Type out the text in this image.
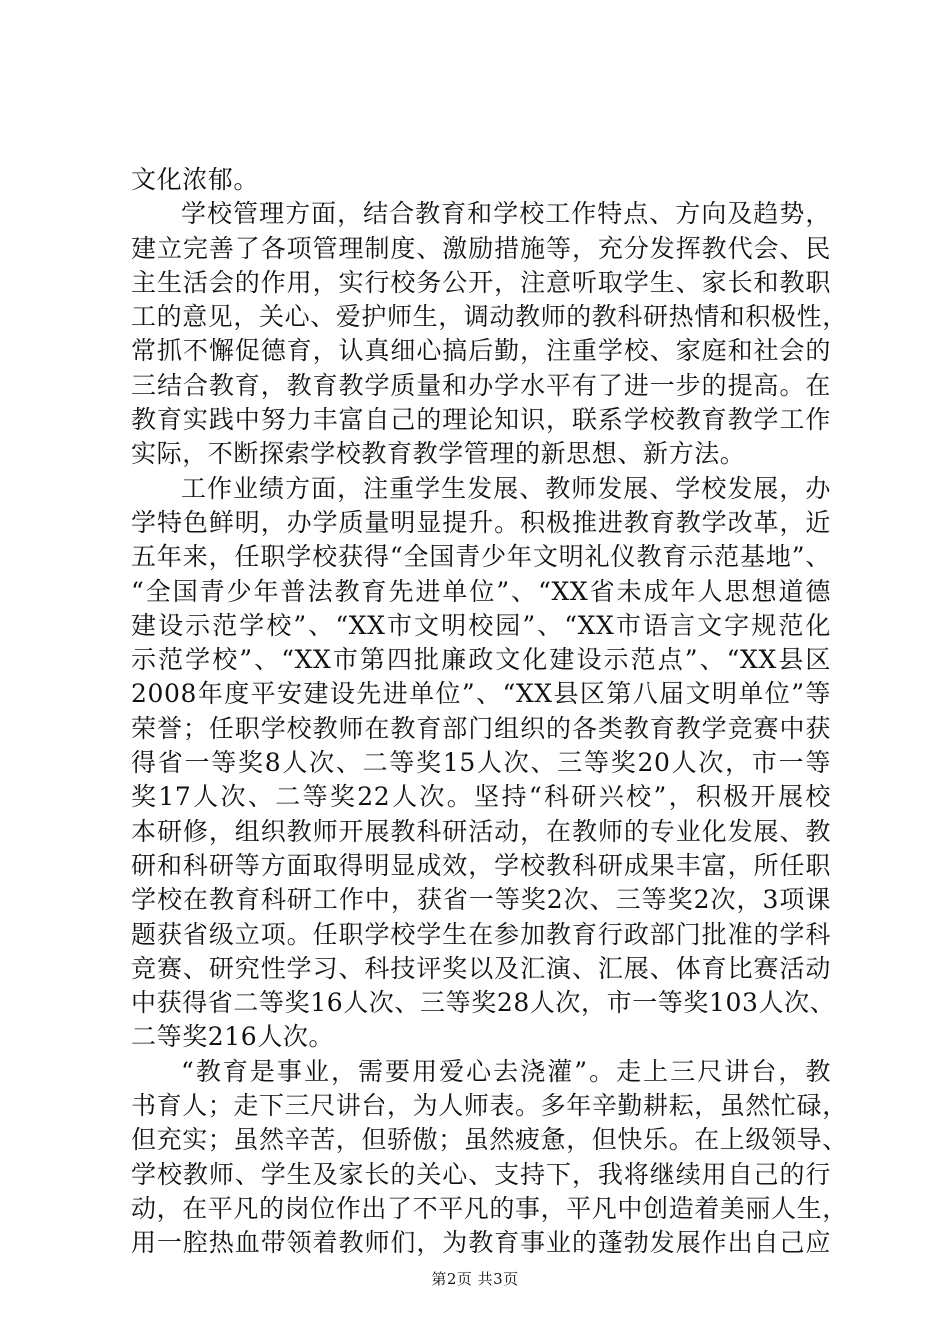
文化浓郁。
学校管理方面，结合教育和学校工作特点、方向及趋势，
建立完善了各项管理制度、激励措施等，充分发挥教代会、民
主生活会的作用，实行校务公开，注意听取学生、家长和教职
工的意见，关心、爱护师生，调动教师的教科研热情和积极性，
常抓不懈促德育，认真细心搞后勤，注重学校、家庭和社会的
三结合教育，教育教学质量和办学水平有了进一步的提高。在
教育实践中努力丰富自己的理论知识，联系学校教育教学工作
实际，不断探索学校教育教学管理的新思想、新方法。
工作业绩方面，注重学生发展、教师发展、学校发展，办
学特色鲜明，办学质量明显提升。积极推进教育教学改革，近
五年来，任职学校获得“全国青少年文明礼仪教育示范基地”、
“全国青少年普法教育先进单位”、“XX省未成年人思想道德
建设示范学校”、“XX市文明校园”、“XX市语言文字规范化
示范学校”、“XX市第四批廉政文化建设示范点”、“XX县区
2008年度平安建设先进单位”、“XX县区第八届文明单位”等
荣誉；任职学校教师在教育部门组织的各类教育教学竞赛中获
得省一等奖8人次、二等奖15人次、三等奖20人次，市一等
奖17人次、二等奖22人次。坚持“科研兴校”，积极开展校
本研修，组织教师开展教科研活动，在教师的专业化发展、教
研和科研等方面取得明显成效，学校教科研成果丰富，所任职
学校在教育科研工作中，获省一等奖2次、三等奖2次，3项课
题获省级立项。任职学校学生在参加教育行政部门批准的学科
竞赛、研究性学习、科技评奖以及汇演、汇展、体育比赛活动
中获得省二等奖16人次、三等奖28人次，市一等奖103人次、
二等奖216人次。
“教育是事业，需要用爱心去浇灌”。走上三尺讲台，教
书育人；走下三尺讲台，为人师表。多年辛勤耕耘，虽然忙碌，
但充实；虽然辛苦，但骄傲；虽然疲惫，但快乐。在上级领导、
学校教师、学生及家长的关心、支持下，我将继续用自己的行
动，在平凡的岗位作出了不平凡的事，平凡中创造着美丽人生，
用一腔热血带领着教师们，为教育事业的蓬勃发展作出自己应
第2页 共3页
